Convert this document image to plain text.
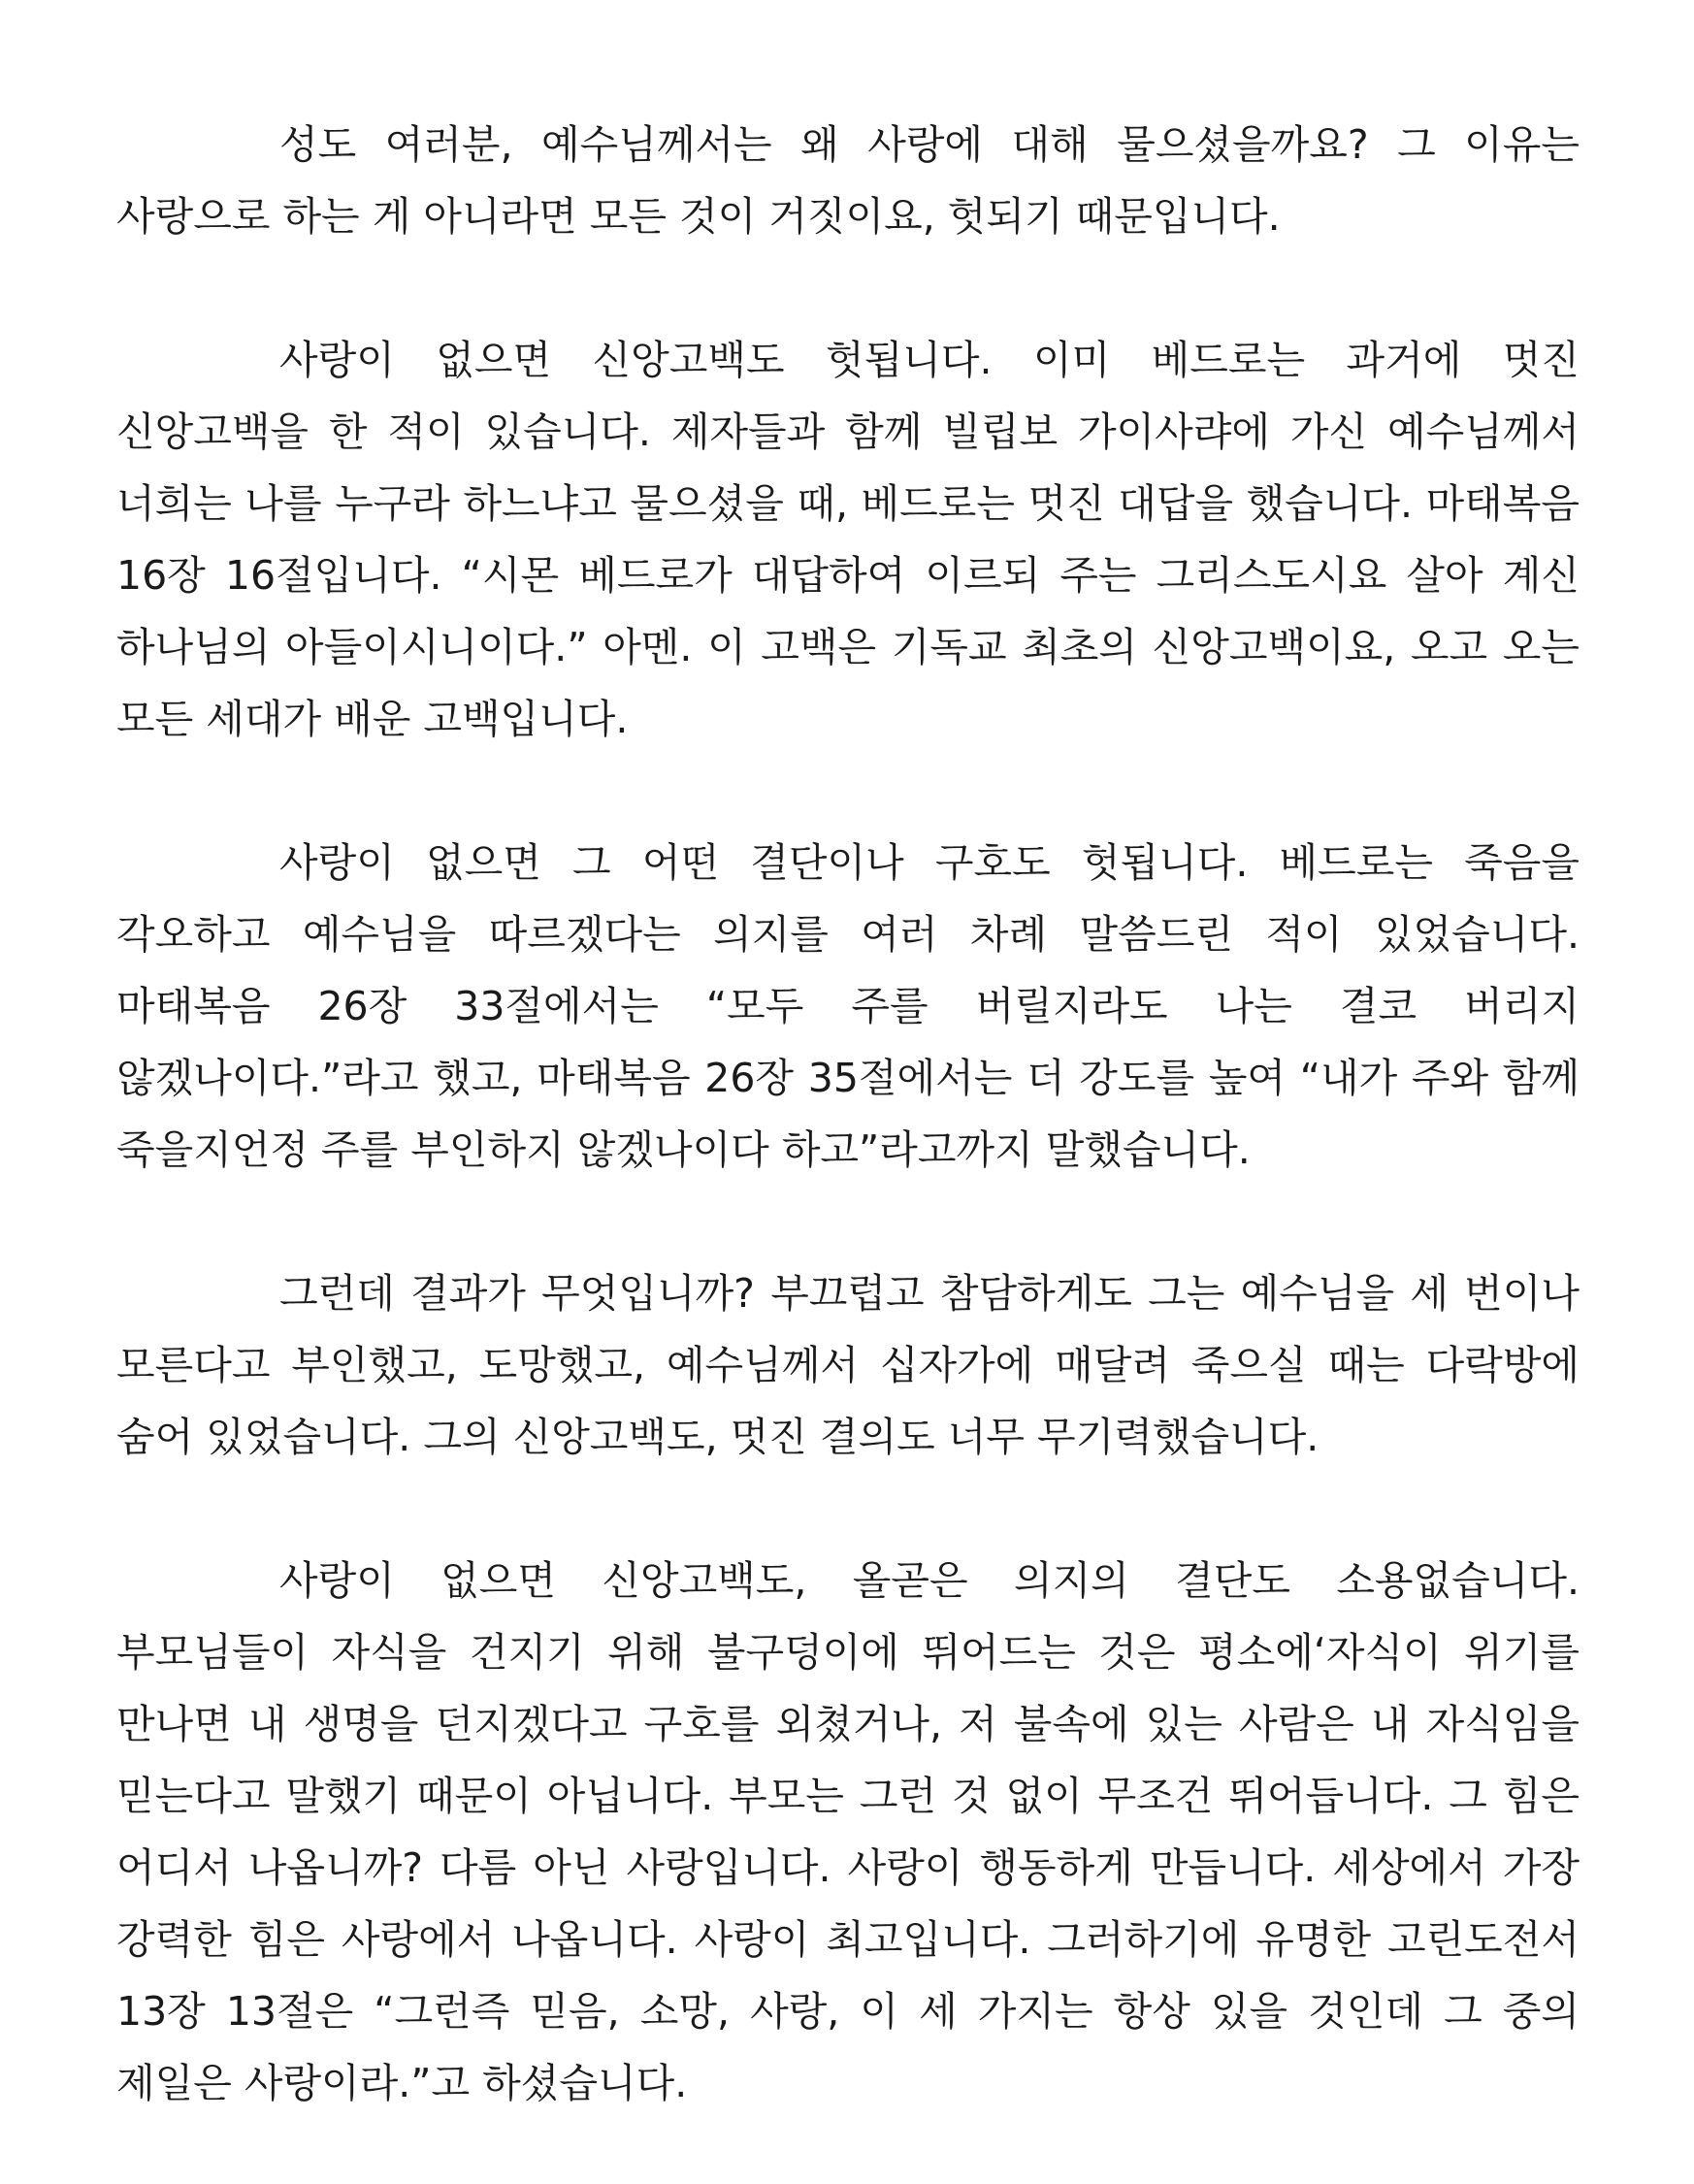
성도 여러분, 예수님께서는 왜 사랑에 대해 물으셨을까요? 그 이유는 사랑으로 하는 게 아니라면 모든 것이 거짓이요, 헛되기 때문입니다.

사랑이 없으면 신앙고백도 헛됩니다. 이미 베드로는 과거에 멋진 신앙고백을 한 적이 있습니다. 제자들과 함께 빌립보 가이사랴에 가신 예수님께서 너희는 나를 누구라 하느냐고 물으셨을 때, 베드로는 멋진 대답을 했습니다. 마태복음 16장 16절입니다. “시몬 베드로가 대답하여 이르되 주는 그리스도시요 살아 계신 하나님의 아들이시니이다.” 아멘. 이 고백은 기독교 최초의 신앙고백이요, 오고 오는 모든 세대가 배운 고백입니다.

사랑이 없으면 그 어떤 결단이나 구호도 헛됩니다. 베드로는 죽음을 각오하고 예수님을 따르겠다는 의지를 여러 차례 말씀드린 적이 있었습니다. 마태복음 26장 33절에서는 “모두 주를 버릴지라도 나는 결코 버리지 않겠나이다.”라고 했고, 마태복음 26장 35절에서는 더 강도를 높여 “내가 주와 함께 죽을지언정 주를 부인하지 않겠나이다 하고”라고까지 말했습니다.

그런데 결과가 무엇입니까? 부끄럽고 참담하게도 그는 예수님을 세 번이나 모른다고 부인했고, 도망했고, 예수님께서 십자가에 매달려 죽으실 때는 다락방에 숨어 있었습니다. 그의 신앙고백도, 멋진 결의도 너무 무기력했습니다.

사랑이 없으면 신앙고백도, 올곧은 의지의 결단도 소용없습니다. 부모님들이 자식을 건지기 위해 불구덩이에 뛰어드는 것은 평소에‘자식이 위기를 만나면 내 생명을 던지겠다고 구호를 외쳤거나, 저 불속에 있는 사람은 내 자식임을 믿는다고 말했기 때문이 아닙니다. 부모는 그런 것 없이 무조건 뛰어듭니다. 그 힘은 어디서 나옵니까? 다름 아닌 사랑입니다. 사랑이 행동하게 만듭니다. 세상에서 가장 강력한 힘은 사랑에서 나옵니다. 사랑이 최고입니다. 그러하기에 유명한 고린도전서 13장 13절은 “그런즉 믿음, 소망, 사랑, 이 세 가지는 항상 있을 것인데 그 중의 제일은 사랑이라.”고 하셨습니다.
